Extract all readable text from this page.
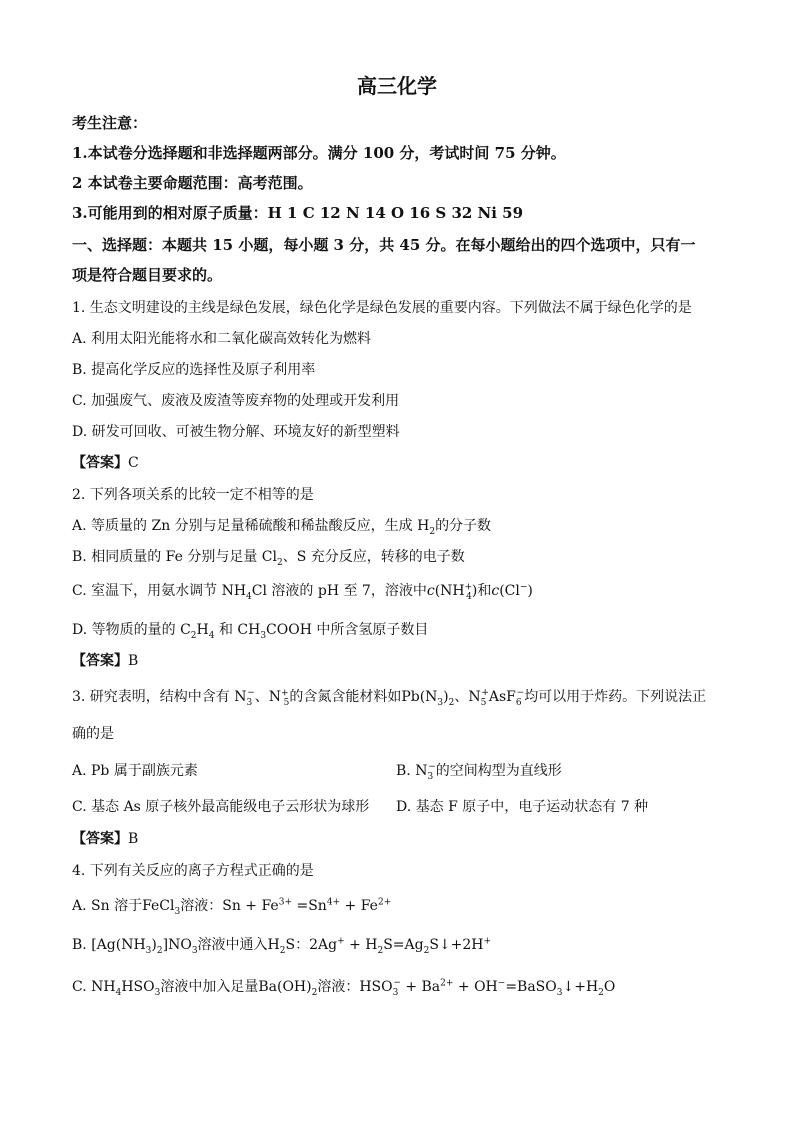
高三化学
考生注意：
1.本试卷分选择题和非选择题两部分。满分 100 分，考试时间 75 分钟。
2 本试卷主要命题范围：高考范围。
3.可能用到的相对原子质量：H 1 C 12 N 14 O 16 S 32 Ni 59
一、选择题：本题共 15 小题，每小题 3 分，共 45 分。在每小题给出的四个选项中，只有一
项是符合题目要求的。
1. 生态文明建设的主线是绿色发展，绿色化学是绿色发展的重要内容。下列做法不属于绿色化学的是
A. 利用太阳光能将水和二氧化碳高效转化为燃料
B. 提高化学反应的选择性及原子利用率
C. 加强废气、废液及废渣等废弃物的处理或开发利用
D. 研发可回收、可被生物分解、环境友好的新型塑料
【答案】C
2. 下列各项关系的比较一定不相等的是
A. 等质量的 Zn 分别与足量稀硫酸和稀盐酸反应，生成 $H_2$的分子数
B. 相同质量的 Fe 分别与足量 $Cl_2$、S 充分反应，转移的电子数
C. 室温下，用氨水调节 $NH_4Cl$ 溶液的 pH 至 7，溶液中$c(NH^+_4)$和c(Cl−)
D. 等物质的量的 $C_2H_4$ 和 $CH_3COOH$ 中所含氢原子数目
【答案】B
3. 研究表明，结构中含有 $N_3^-$、$N^+_5$的含氮含能材料如$Pb(N_3)_2$、$N_5^+AsF_6^-$均可以用于炸药。下列说法正
确的是
A. Pb 属于副族元素	B. $N_3^-$的空间构型为直线形
C. 基态 As 原子核外最高能级电子云形状为球形 D. 基态 F 原子中，电子运动状态有 7 种
【答案】B
4. 下列有关反应的离子方程式正确的是
A. Sn 溶于FeCl$_3$溶液：$Sn + Fe^{3+} =Sn^{4+} + Fe^{2+}$
B. $[Ag(NH_3)_2]NO_3$溶液中通入$H_2S$：$2Ag^+ + H_2S=Ag_2S↓+2H^+$
C. $NH_4HSO_3$溶液中加入足量$Ba(OH)_2$溶液：$HSO_3^- + Ba^{2+}$ + $OH^-=BaSO_3↓+H_2O$
